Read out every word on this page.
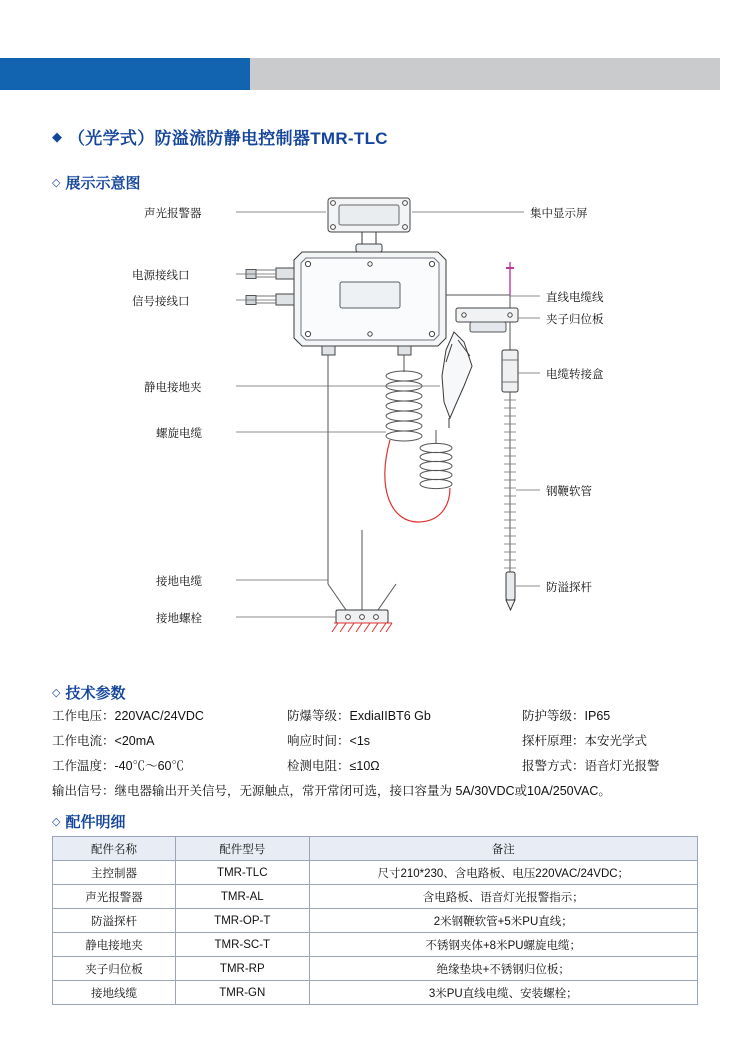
◆ （光学式）防溢流防静电控制器TMR-TLC
◇ 展示示意图
声光报警器
电源接线口
信号接线口
静电接地夹
螺旋电缆
接地电缆
接地螺栓
集中显示屏
直线电缆线
夹子归位板
电缆转接盒
钢鞭软管
防溢探杆
◇ 技术参数
工作电压：220VAC/24VDC	防爆等级：ExdiaIIBT6 Gb	防护等级：IP65
工作电流：<20mA	响应时间：<1s	探杆原理：本安光学式
工作温度：-40℃～60℃	检测电阻：≤10Ω	报警方式：语音灯光报警
输出信号：继电器输出开关信号，无源触点，常开常闭可选，接口容量为 5A/30VDC或10A/250VAC。
◇ 配件明细
配件名称	配件型号	备注
主控制器	TMR-TLC	尺寸210*230、含电路板、电压220VAC/24VDC；
声光报警器	TMR-AL	含电路板、语音灯光报警指示；
防溢探杆	TMR-OP-T	2米钢鞭软管+5米PU直线；
静电接地夹	TMR-SC-T	不锈钢夹体+8米PU螺旋电缆；
夹子归位板	TMR-RP	绝缘垫块+不锈钢归位板；
接地线缆	TMR-GN	3米PU直线电缆、安装螺栓；
